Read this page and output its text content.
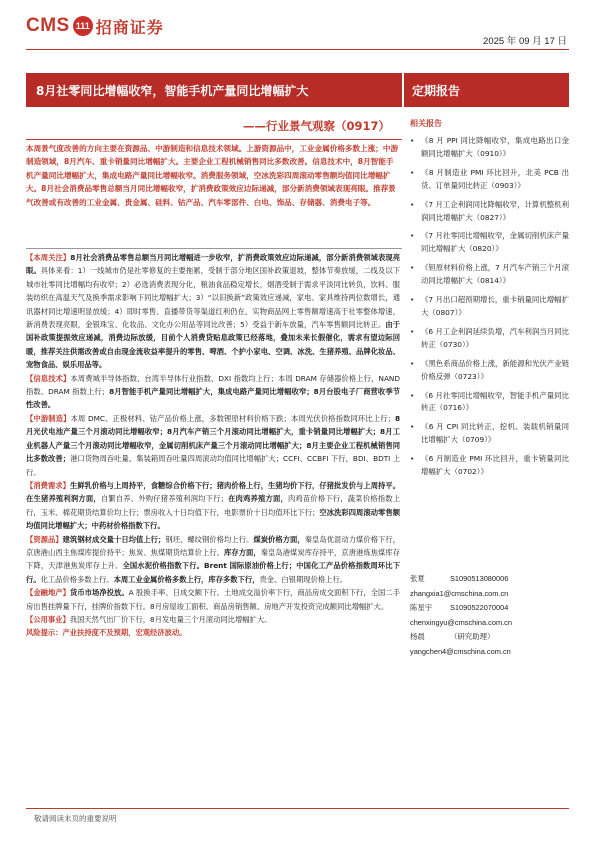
CMS 111 招商证券
2025 年 09 月 17 日
8月社零同比增幅收窄，智能手机产量同比增幅扩大	定期报告
——行业景气观察（0917）
本周景气度改善的方向主要在资源品、中游制造和信息技术领域。上游资源品中，工业金属价格多数上涨；中游制造领域，8月汽车、重卡销量同比增幅扩大。主要企业工程机械销售同比多数改善。信息技术中，8月智能手机产量同比增幅扩大，集成电路产量同比增幅收窄。消费服务领域，空冰洗彩四周滚动零售额均值同比增幅扩大。8月社会消费品零售总额当月同比增幅收窄，扩消费政策效应边际递减，部分新消费领域表现亮眼。推荐景气改善或有改善的工业金属、贵金属、硅料、钴产品、汽车零部件、白电、饰品、存储器、消费电子等。

【本周关注】8月社会消费品零售总额当月同比增幅进一步收窄，扩消费政策效应边际递减，部分新消费领域表现亮眼。具体来看：1）一线城市仍是社零修复的主要拖累，受制于部分地区国补政策退坡，整体节奏放缓，二线及以下城市社零同比增幅均有收窄；2）必选消费表现分化，粮油食品稳定增长，烟酒受制于需求平淡同比转负，饮料、服装纺织在高温天气及换季需求影响下同比增幅扩大；3）“以旧换新”政策效应递减，家电、家具维持两位数增长，通讯器材同比增速明显放缓；4）即时零售、直播带货等渠道红利仍在，实物商品网上零售额增速高于社零整体增速，新消费表现亮眼，金银珠宝、化妆品、文化办公用品等同比改善；5）受益于新车放量，汽车零售额同比转正。由于国补政策提振效应递减，消费边际放缓，目前个人消费贷贴息政策已经落地，叠加未来长假催化，需求有望边际回暖，推荐关注供需改善或自由现金流收益率提升的零售、啤酒、个护小家电、空调、冰洗、生猪养殖、品牌化妆品、宠物食品、娱乐用品等。

【信息技术】本周费城半导体指数、台湾半导体行业指数、DXI 指数均上行；本周 DRAM 存储器价格上行，NAND 指数、DRAM 指数上行；8月智能手机产量同比增幅扩大，集成电路产量同比增幅收窄；8月台股电子厂商营收季节性改善。

【中游制造】本周 DMC、正极材料、钴产品价格上涨，多数锂原材料价格下跌；本周光伏价格指数同环比上行；8月光伏电池产量三个月滚动同比增幅收窄；8月汽车产销三个月滚动同比增幅扩大，重卡销量同比增幅扩大；8月工业机器人产量三个月滚动同比增幅收窄，金属切削机床产量三个月滚动同比增幅扩大；8月主要企业工程机械销售同比多数改善；港口货物周吞吐量、集装箱周吞吐量四周滚动均值同比增幅扩大；CCFI、CCBFI 下行，BDI、BDTI 上行。

【消费需求】生鲜乳价格与上周持平，食糖综合价格下行；猪肉价格上行，生猪均价下行，仔猪批发价与上周持平。在生猪养殖利润方面，自繁自养、外购仔猪养殖利润均下行；在肉鸡养殖方面，肉鸡苗价格下行，蔬菜价格指数上行，玉米、棉花期货结算价均上行；票房收入十日均值下行，电影票价十日均值环比下行；空冰洗彩四周滚动零售额均值同比增幅扩大；中药材价格指数下行。

【资源品】建筑钢材成交量十日均值上行；钢坯、螺纹钢价格均上行。煤炭价格方面，秦皇岛优混动力煤价格下行，京唐港山西主焦煤库提价持平；焦炭、焦煤期货结算价上行。库存方面，秦皇岛港煤炭库存持平，京唐港炼焦煤库存下降，天津港焦炭库存上升。全国水泥价格指数下行。Brent 国际原油价格上行；中国化工产品价格指数周环比下行。化工品价格多数上行。本周工业金属价格多数上行，库存多数下行，贵金、白银期现价格上行。

【金融地产】货币市场净投放。A 股换手率、日成交额下行。土地成交溢价率下行，商品房成交面积下行，全国二手房出售挂牌量下行，挂牌价指数下行。8月房屋竣工面积、商品房销售额、房地产开发投资完成额同比增幅扩大。

【公用事业】我国天然气出厂价下行，8月发电量三个月滚动同比增幅扩大。

风险提示：产业扶持度不及预期，宏观经济波动。

相关报告
• 《8 月 PPI 同比降幅收窄，集成电路出口金额同比增幅扩大（0910）》
• 《8 月制造业 PMI 环比回升，北美 PCB 出货、订单量同比转正（0903）》
• 《7 月工企利润同比降幅收窄，计算机整机利润同比增幅扩大（0827）》
• 《7 月社零同比增幅收窄，金属切削机床产量同比增幅扩大（0820）》
• 《钽原材料价格上涨，7 月汽车产销三个月滚动同比增幅扩大（0814）》
• 《7 月出口超预期增长，重卡销量同比增幅扩大（0807）》
• 《6 月工企利润延续负增，汽车利润当月同比转正（0730）》
• 《黑色系商品价格上涨，新能源和光伏产业链价格反弹（0723）》
• 《6 月社零同比增幅收窄，智能手机产量同比转正（0716）》
• 《6 月 CPI 同比转正，挖机、装载机销量同比增幅扩大（0709）》
• 《6 月制造业 PMI 环比回升，重卡销量同比增幅扩大（0702）》
张夏	S1090513080006
zhangxia1@cmschina.com.cn
陈星宇	S1090522070004
chenxingyu@cmschina.com.cn
杨晨	（研究助理）
yangchen4@cmschina.com.cn
敬请阅读末页的重要说明
